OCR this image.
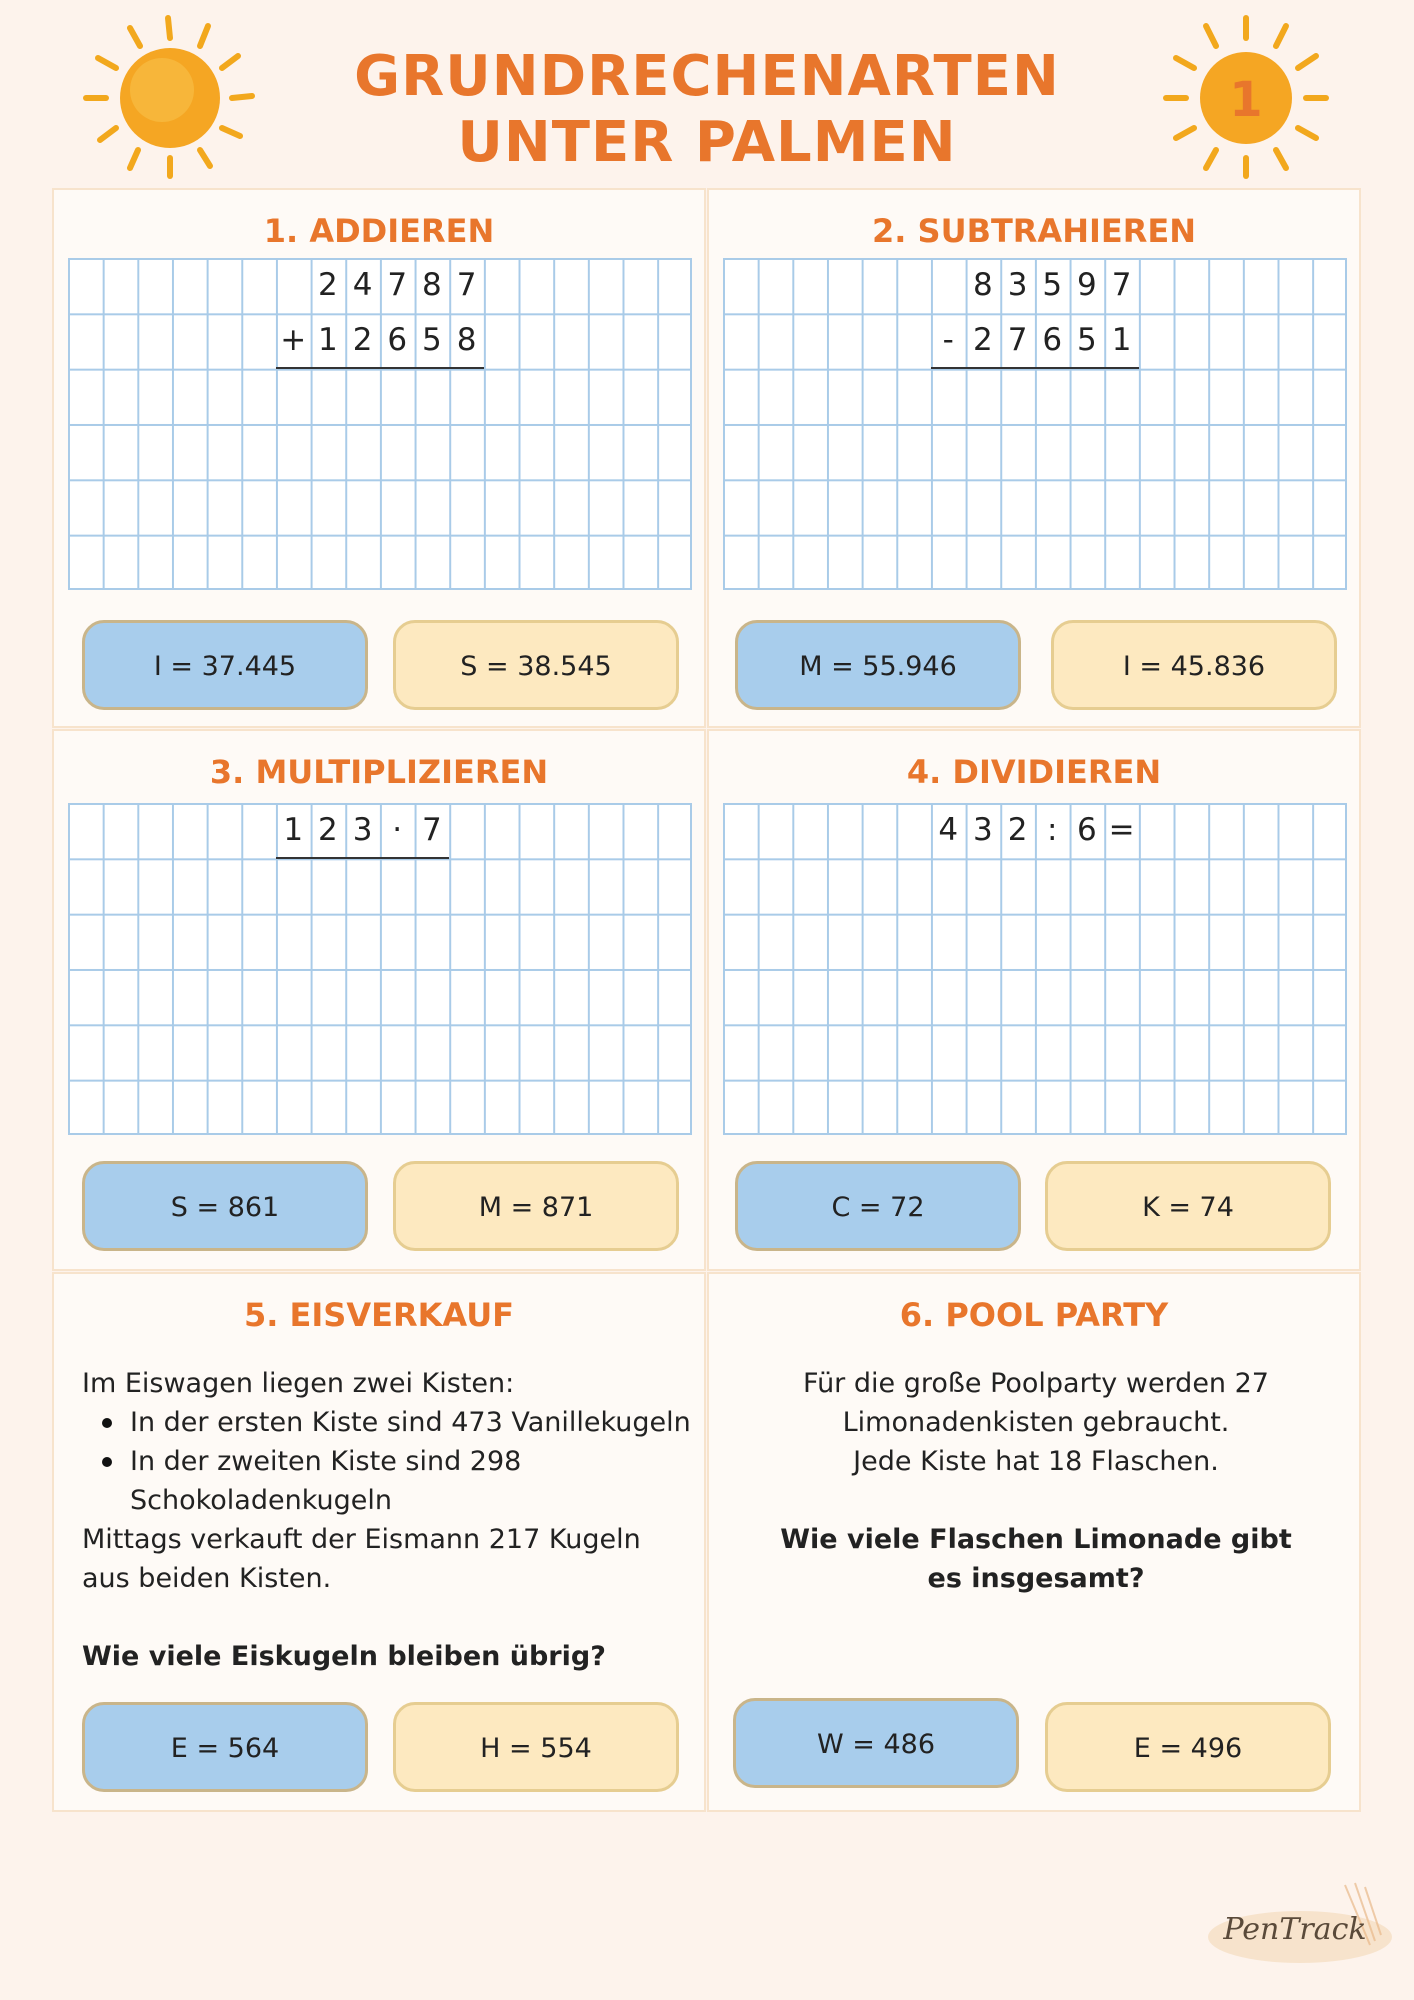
GRUNDRECHENARTEN
UNTER PALMEN
1
1. ADDIEREN
2 4 7 8 7
+ 1 2 6 5 8
I = 37.445	S = 38.545
2. SUBTRAHIEREN
8 3 5 9 7
- 2 7 6 5 1
M = 55.946	I = 45.836
3. MULTIPLIZIEREN
1 2 3 · 7
S = 861	M = 871
4. DIVIDIEREN
4 3 2 : 6 =
C = 72	K = 74
5. EISVERKAUF
Im Eiswagen liegen zwei Kisten:
In der ersten Kiste sind 473 Vanillekugeln
In der zweiten Kiste sind 298 Schokoladenkugeln
Mittags verkauft der Eismann 217 Kugeln aus beiden Kisten.
Wie viele Eiskugeln bleiben übrig?
E = 564	H = 554
6. POOL PARTY
Für die große Poolparty werden 27
Limonadenkisten gebraucht.
Jede Kiste hat 18 Flaschen.
Wie viele Flaschen Limonade gibt es insgesamt?
W = 486	E = 496
PenTrack
